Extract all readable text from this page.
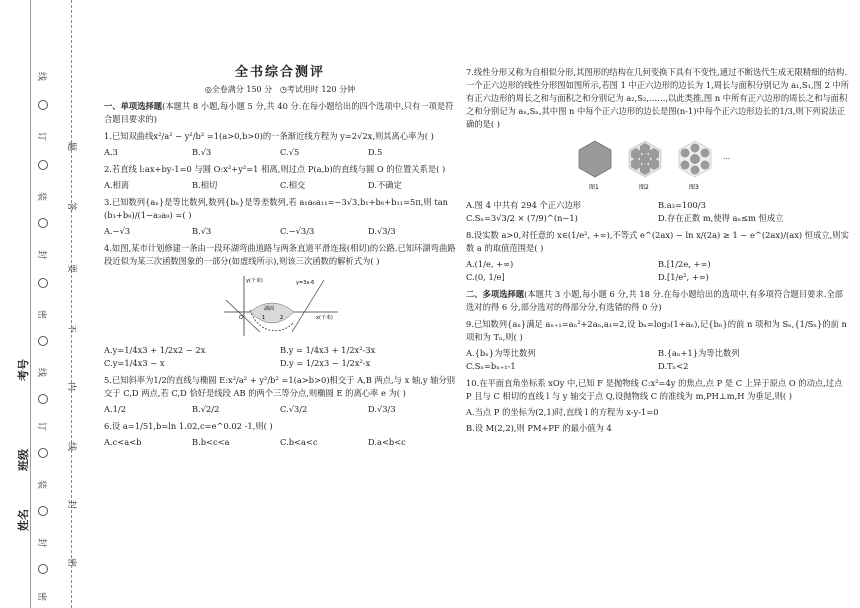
考号
班级
姓名
线
订
装
封
密
线
订
装
封
密
题
答
要
不
内
线
封
密
全书综合测评
◎全卷满分 150 分 ◷考试用时 120 分钟
一、单项选择题(本题共 8 小题,每小题 5 分,共 40 分.在每小题给出的四个选项中,只有一项是符合题目要求的)
1.已知双曲线x²/a² − y²/b² =1(a>0,b>0)的一条渐近线方程为 y=2√2x,则其离心率为( )
A.3	B.√3	C.√5	D.5
2.若直线 l:ax+by-1=0 与圆 O:x²+y²=1 相离,则过点 P(a,b)的直线与圆 O 的位置关系是( )
A.相离	B.相切	C.相交	D.不确定
3.已知数列{aₙ}是等比数列,数列{bₙ}是等差数列,若 a₁a₆a₁₁=−3√3,b₁+b₆+b₁₁=5π,则 tan (b₃+b₉)/(1−a₃a₉) =( )
A.−√3	B.√3	C.−√3/3	D.√3/3
4.如图,某市计划修建一条由一段环湖弯曲道路与两条直道平滑连接(相切)的公路.已知环湖弯曲路段近似为某三次函数图象的一部分(如虚线所示),则该三次函数的解析式为( )
y(千米)
x(千米)
y=3x-6
湖面
O	1	2
A.y=1/4x3 + 1/2x2 − 2x	B.y = 1/4x3 + 1/2x²-3x
C.y=1/4x3 − x	D.y = 1/2x3 − 1/2x²-x
5.已知斜率为1/2的直线与椭圆 E:x²/a² + y²/b² =1(a>b>0)相交于 A,B 两点,与 x 轴,y 轴分别交于 C,D 两点,若 C,D 恰好是线段 AB 的两个三等分点,则椭圆 E 的离心率 e 为( )
A.1/2	B.√2/2	C.√3/2	D.√3/3
6.设 a=1/51,b=ln 1.02,c=e^0.02 -1,则( )
A.c<a<b	B.b<c<a	C.b<a<c	D.a<b<c
7.线性分形又称为自相似分形,其图形的结构在几何变换下具有不变性,通过不断迭代生成无限精细的结构.一个正六边形的线性分形图如图所示,若图 1 中正六边形的边长为 1,周长与面积分别记为 a₁,S₁,图 2 中所有正六边形的周长之和与面积之和分别记为 a₂,S₂,……,以此类推,图 n 中所有正六边形的周长之和与面积之和分别记为 aₙ,Sₙ,其中图 n 中每个正六边形的边长是图(n-1)中每个正六边形边长的1/3,则下列说法正确的是( )
…
图1	图2	图3
A.图 4 中共有 294 个正六边形	B.a₃=100/3
C.Sₙ=3√3/2 × (7/9)^(n−1)	D.存在正数 m,使得 aₙ≤m 恒成立
8.设实数 a>0,对任意的 x∈(1/e², +∞),不等式 e^(2ax) − ln x/(2a) ≥ 1 − e^(2ax)/(ax) 恒成立,则实数 a 的取值范围是( )
A.(1/e, +∞)	B.[1/2e, +∞)
C.(0, 1/e]	D.[1/e², +∞)
二、多项选择题(本题共 3 小题,每小题 6 分,共 18 分.在每小题给出的选项中,有多项符合题目要求.全部选对的得 6 分,部分选对的得部分分,有选错的得 0 分)
9.已知数列{aₙ}满足 aₙ₊₁=aₙ²+2aₙ,a₁=2,设 bₙ=log₃(1+aₙ),记{bₙ}的前 n 项和为 Sₙ,{1/Sₙ}的前 n 项和为 Tₙ,则( )
A.{bₙ}为等比数列	B.{aₙ+1}为等比数列
C.Sₙ=bₙ₊₁-1	D.Tₙ<2
10.在平面直角坐标系 xOy 中,已知 F 是抛物线 C:x²=4y 的焦点,点 P 是 C 上异于原点 O 的动点,过点 P 且与 C 相切的直线 l 与 y 轴交于点 Q,设抛物线 C 的准线为 m,PH⊥m,H 为垂足,则( )
A.当点 P 的坐标为(2,1)时,直线 l 的方程为 x-y-1=0
B.设 M(2,2),则 PM+PF 的最小值为 4
